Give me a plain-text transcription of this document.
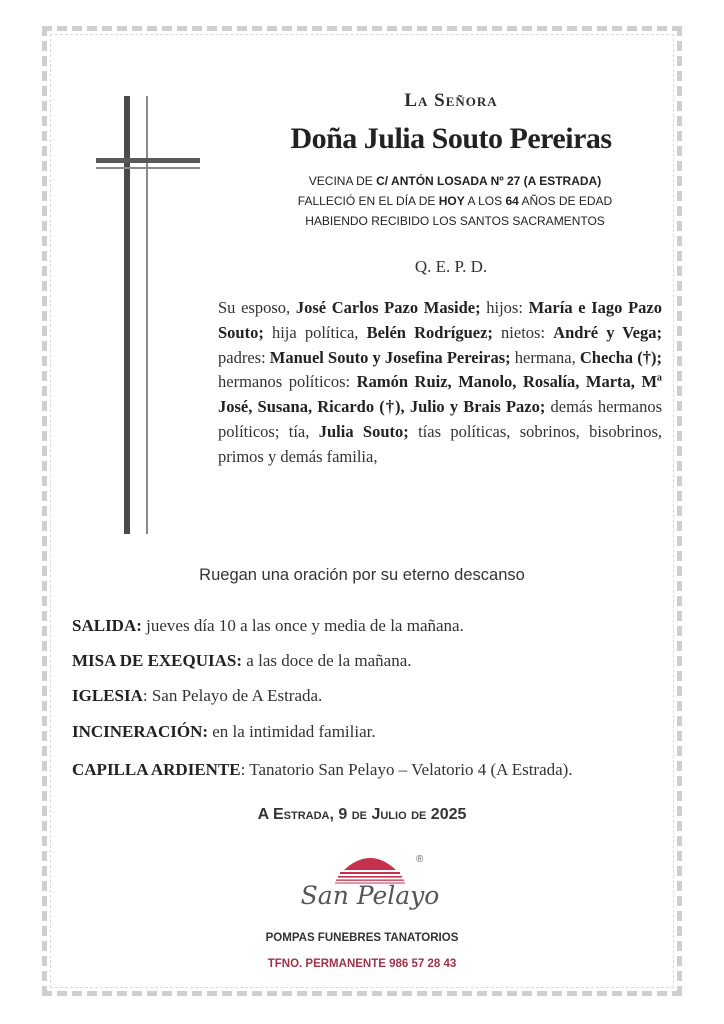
La Señora
Doña Julia Souto Pereiras
VECINA DE C/ ANTÓN LOSADA Nº 27 (A ESTRADA)
FALLECIÓ EN EL DÍA DE HOY A LOS 64 AÑOS DE EDAD
HABIENDO RECIBIDO LOS SANTOS SACRAMENTOS
Q. E. P. D.
Su esposo, José Carlos Pazo Maside; hijos: María e Iago Pazo Souto; hija política, Belén Rodríguez; nietos: André y Vega; padres: Manuel Souto y Josefina Pereiras; hermana, Checha (†); hermanos políticos: Ramón Ruiz, Manolo, Rosalía, Marta, Mª José, Susana, Ricardo (†), Julio y Brais Pazo; demás hermanos políticos; tía, Julia Souto; tías políticas, sobrinos, bisobrinos, primos y demás familia,
Ruegan una oración por su eterno descanso
SALIDA: jueves día 10 a las once y media de la mañana.
MISA DE EXEQUIAS: a las doce de la mañana.
IGLESIA: San Pelayo de A Estrada.
INCINERACIÓN: en la intimidad familiar.
CAPILLA ARDIENTE: Tanatorio San Pelayo – Velatorio 4 (A Estrada).
A Estrada, 9 de Julio de 2025
®
San Pelayo
POMPAS FUNEBRES TANATORIOS
TFNO. PERMANENTE 986 57 28 43
